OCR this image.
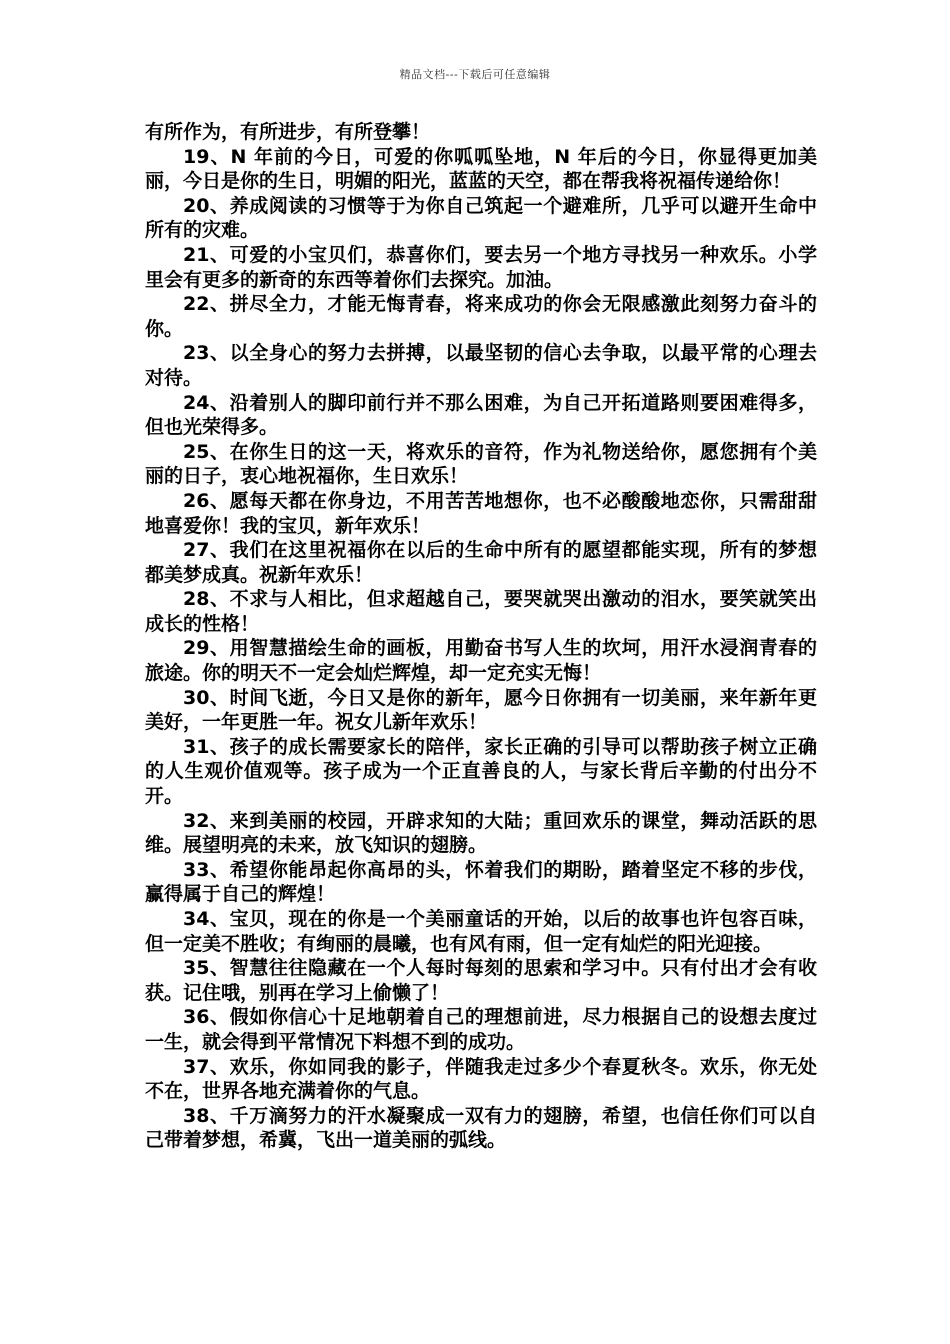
精品文档---下载后可任意编辑

有所作为，有所进步，有所登攀！

19、N 年前的今日，可爱的你呱呱坠地，N 年后的今日，你显得更加美丽，今日是你的生日，明媚的阳光，蓝蓝的天空，都在帮我将祝福传递给你！

20、养成阅读的习惯等于为你自己筑起一个避难所，几乎可以避开生命中所有的灾难。

21、可爱的小宝贝们，恭喜你们，要去另一个地方寻找另一种欢乐。小学里会有更多的新奇的东西等着你们去探究。加油。

22、拼尽全力，才能无悔青春，将来成功的你会无限感激此刻努力奋斗的你。

23、以全身心的努力去拼搏，以最坚韧的信心去争取，以最平常的心理去对待。

24、沿着别人的脚印前行并不那么困难，为自己开拓道路则要困难得多，但也光荣得多。

25、在你生日的这一天，将欢乐的音符，作为礼物送给你，愿您拥有个美丽的日子，衷心地祝福你，生日欢乐！

26、愿每天都在你身边，不用苦苦地想你，也不必酸酸地恋你，只需甜甜地喜爱你！我的宝贝，新年欢乐！

27、我们在这里祝福你在以后的生命中所有的愿望都能实现，所有的梦想都美梦成真。祝新年欢乐！

28、不求与人相比，但求超越自己，要哭就哭出激动的泪水，要笑就笑出成长的性格！

29、用智慧描绘生命的画板，用勤奋书写人生的坎坷，用汗水浸润青春的旅途。你的明天不一定会灿烂辉煌，却一定充实无悔！

30、时间飞逝，今日又是你的新年，愿今日你拥有一切美丽，来年新年更美好，一年更胜一年。祝女儿新年欢乐！

31、孩子的成长需要家长的陪伴，家长正确的引导可以帮助孩子树立正确的人生观价值观等。孩子成为一个正直善良的人，与家长背后辛勤的付出分不开。

32、来到美丽的校园，开辟求知的大陆；重回欢乐的课堂，舞动活跃的思维。展望明亮的未来，放飞知识的翅膀。

33、希望你能昂起你高昂的头，怀着我们的期盼，踏着坚定不移的步伐，赢得属于自己的辉煌！

34、宝贝，现在的你是一个美丽童话的开始，以后的故事也许包容百味，但一定美不胜收；有绚丽的晨曦，也有风有雨，但一定有灿烂的阳光迎接。

35、智慧往往隐藏在一个人每时每刻的思索和学习中。只有付出才会有收获。记住哦，别再在学习上偷懒了！

36、假如你信心十足地朝着自己的理想前进，尽力根据自己的设想去度过一生，就会得到平常情况下料想不到的成功。

37、欢乐，你如同我的影子，伴随我走过多少个春夏秋冬。欢乐，你无处不在，世界各地充满着你的气息。

38、千万滴努力的汗水凝聚成一双有力的翅膀，希望，也信任你们可以自己带着梦想，希冀，飞出一道美丽的弧线。
